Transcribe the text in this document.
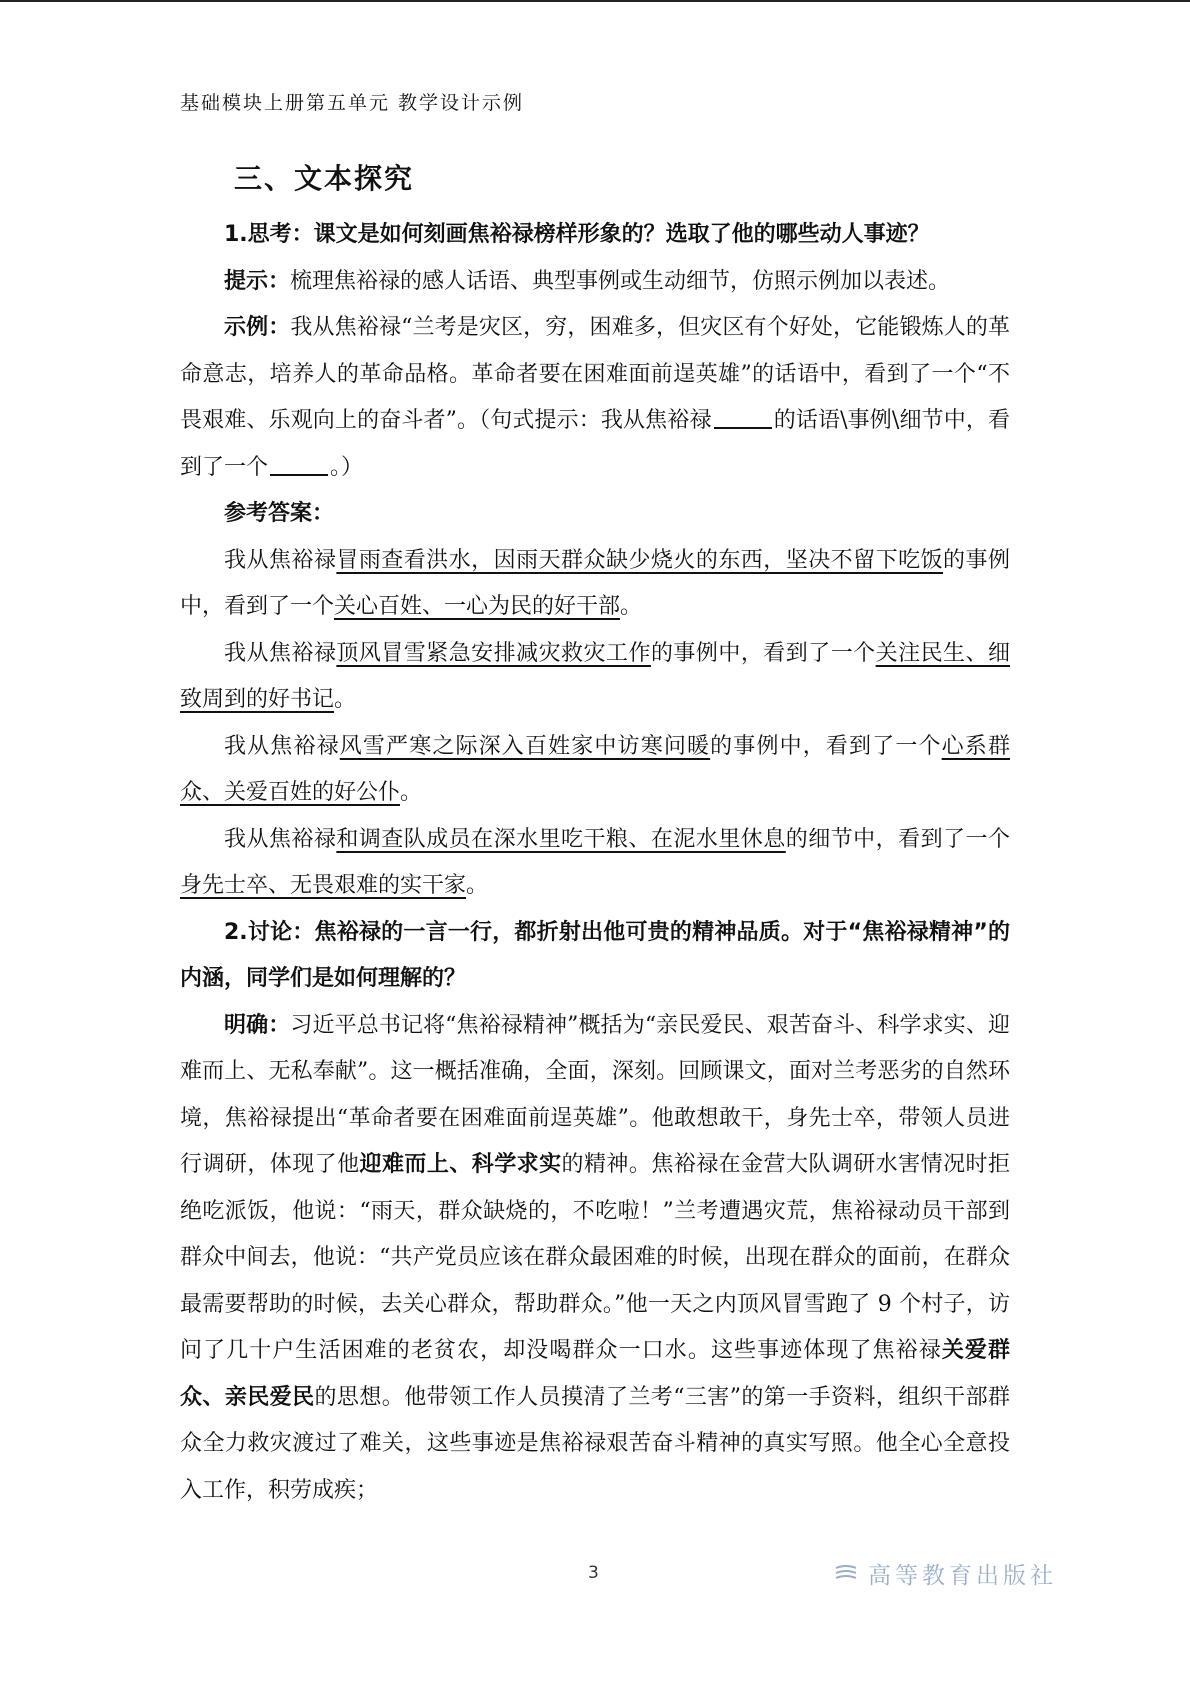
基础模块上册第五单元 教学设计示例
三、文本探究

1.思考：课文是如何刻画焦裕禄榜样形象的？选取了他的哪些动人事迹？

提示：梳理焦裕禄的感人话语、典型事例或生动细节，仿照示例加以表述。

示例：我从焦裕禄“兰考是灾区，穷，困难多，但灾区有个好处，它能锻炼人的革命意志，培养人的革命品格。革命者要在困难面前逞英雄”的话语中，看到了一个“不畏艰难、乐观向上的奋斗者”。（句式提示：我从焦裕禄	的话语\事例\细节中，看到了一个	。）

参考答案：

我从焦裕禄冒雨查看洪水，因雨天群众缺少烧火的东西，坚决不留下吃饭的事例中，看到了一个关心百姓、一心为民的好干部。

我从焦裕禄顶风冒雪紧急安排减灾救灾工作的事例中，看到了一个关注民生、细致周到的好书记。

我从焦裕禄风雪严寒之际深入百姓家中访寒问暖的事例中，看到了一个心系群众、关爱百姓的好公仆。

我从焦裕禄和调查队成员在深水里吃干粮、在泥水里休息的细节中，看到了一个身先士卒、无畏艰难的实干家。

2.讨论：焦裕禄的一言一行，都折射出他可贵的精神品质。对于“焦裕禄精神”的内涵，同学们是如何理解的？

明确：习近平总书记将“焦裕禄精神”概括为“亲民爱民、艰苦奋斗、科学求实、迎难而上、无私奉献”。这一概括准确，全面，深刻。回顾课文，面对兰考恶劣的自然环境，焦裕禄提出“革命者要在困难面前逞英雄”。他敢想敢干，身先士卒，带领人员进行调研，体现了他迎难而上、科学求实的精神。焦裕禄在金营大队调研水害情况时拒绝吃派饭，他说：“雨天，群众缺烧的，不吃啦！”兰考遭遇灾荒，焦裕禄动员干部到群众中间去，他说：“共产党员应该在群众最困难的时候，出现在群众的面前，在群众最需要帮助的时候，去关心群众，帮助群众。”他一天之内顶风冒雪跑了 9 个村子，访问了几十户生活困难的老贫农，却没喝群众一口水。这些事迹体现了焦裕禄关爱群众、亲民爱民的思想。他带领工作人员摸清了兰考“三害”的第一手资料，组织干部群众全力救灾渡过了难关，这些事迹是焦裕禄艰苦奋斗精神的真实写照。他全心全意投入工作，积劳成疾；

3	高等教育出版社
